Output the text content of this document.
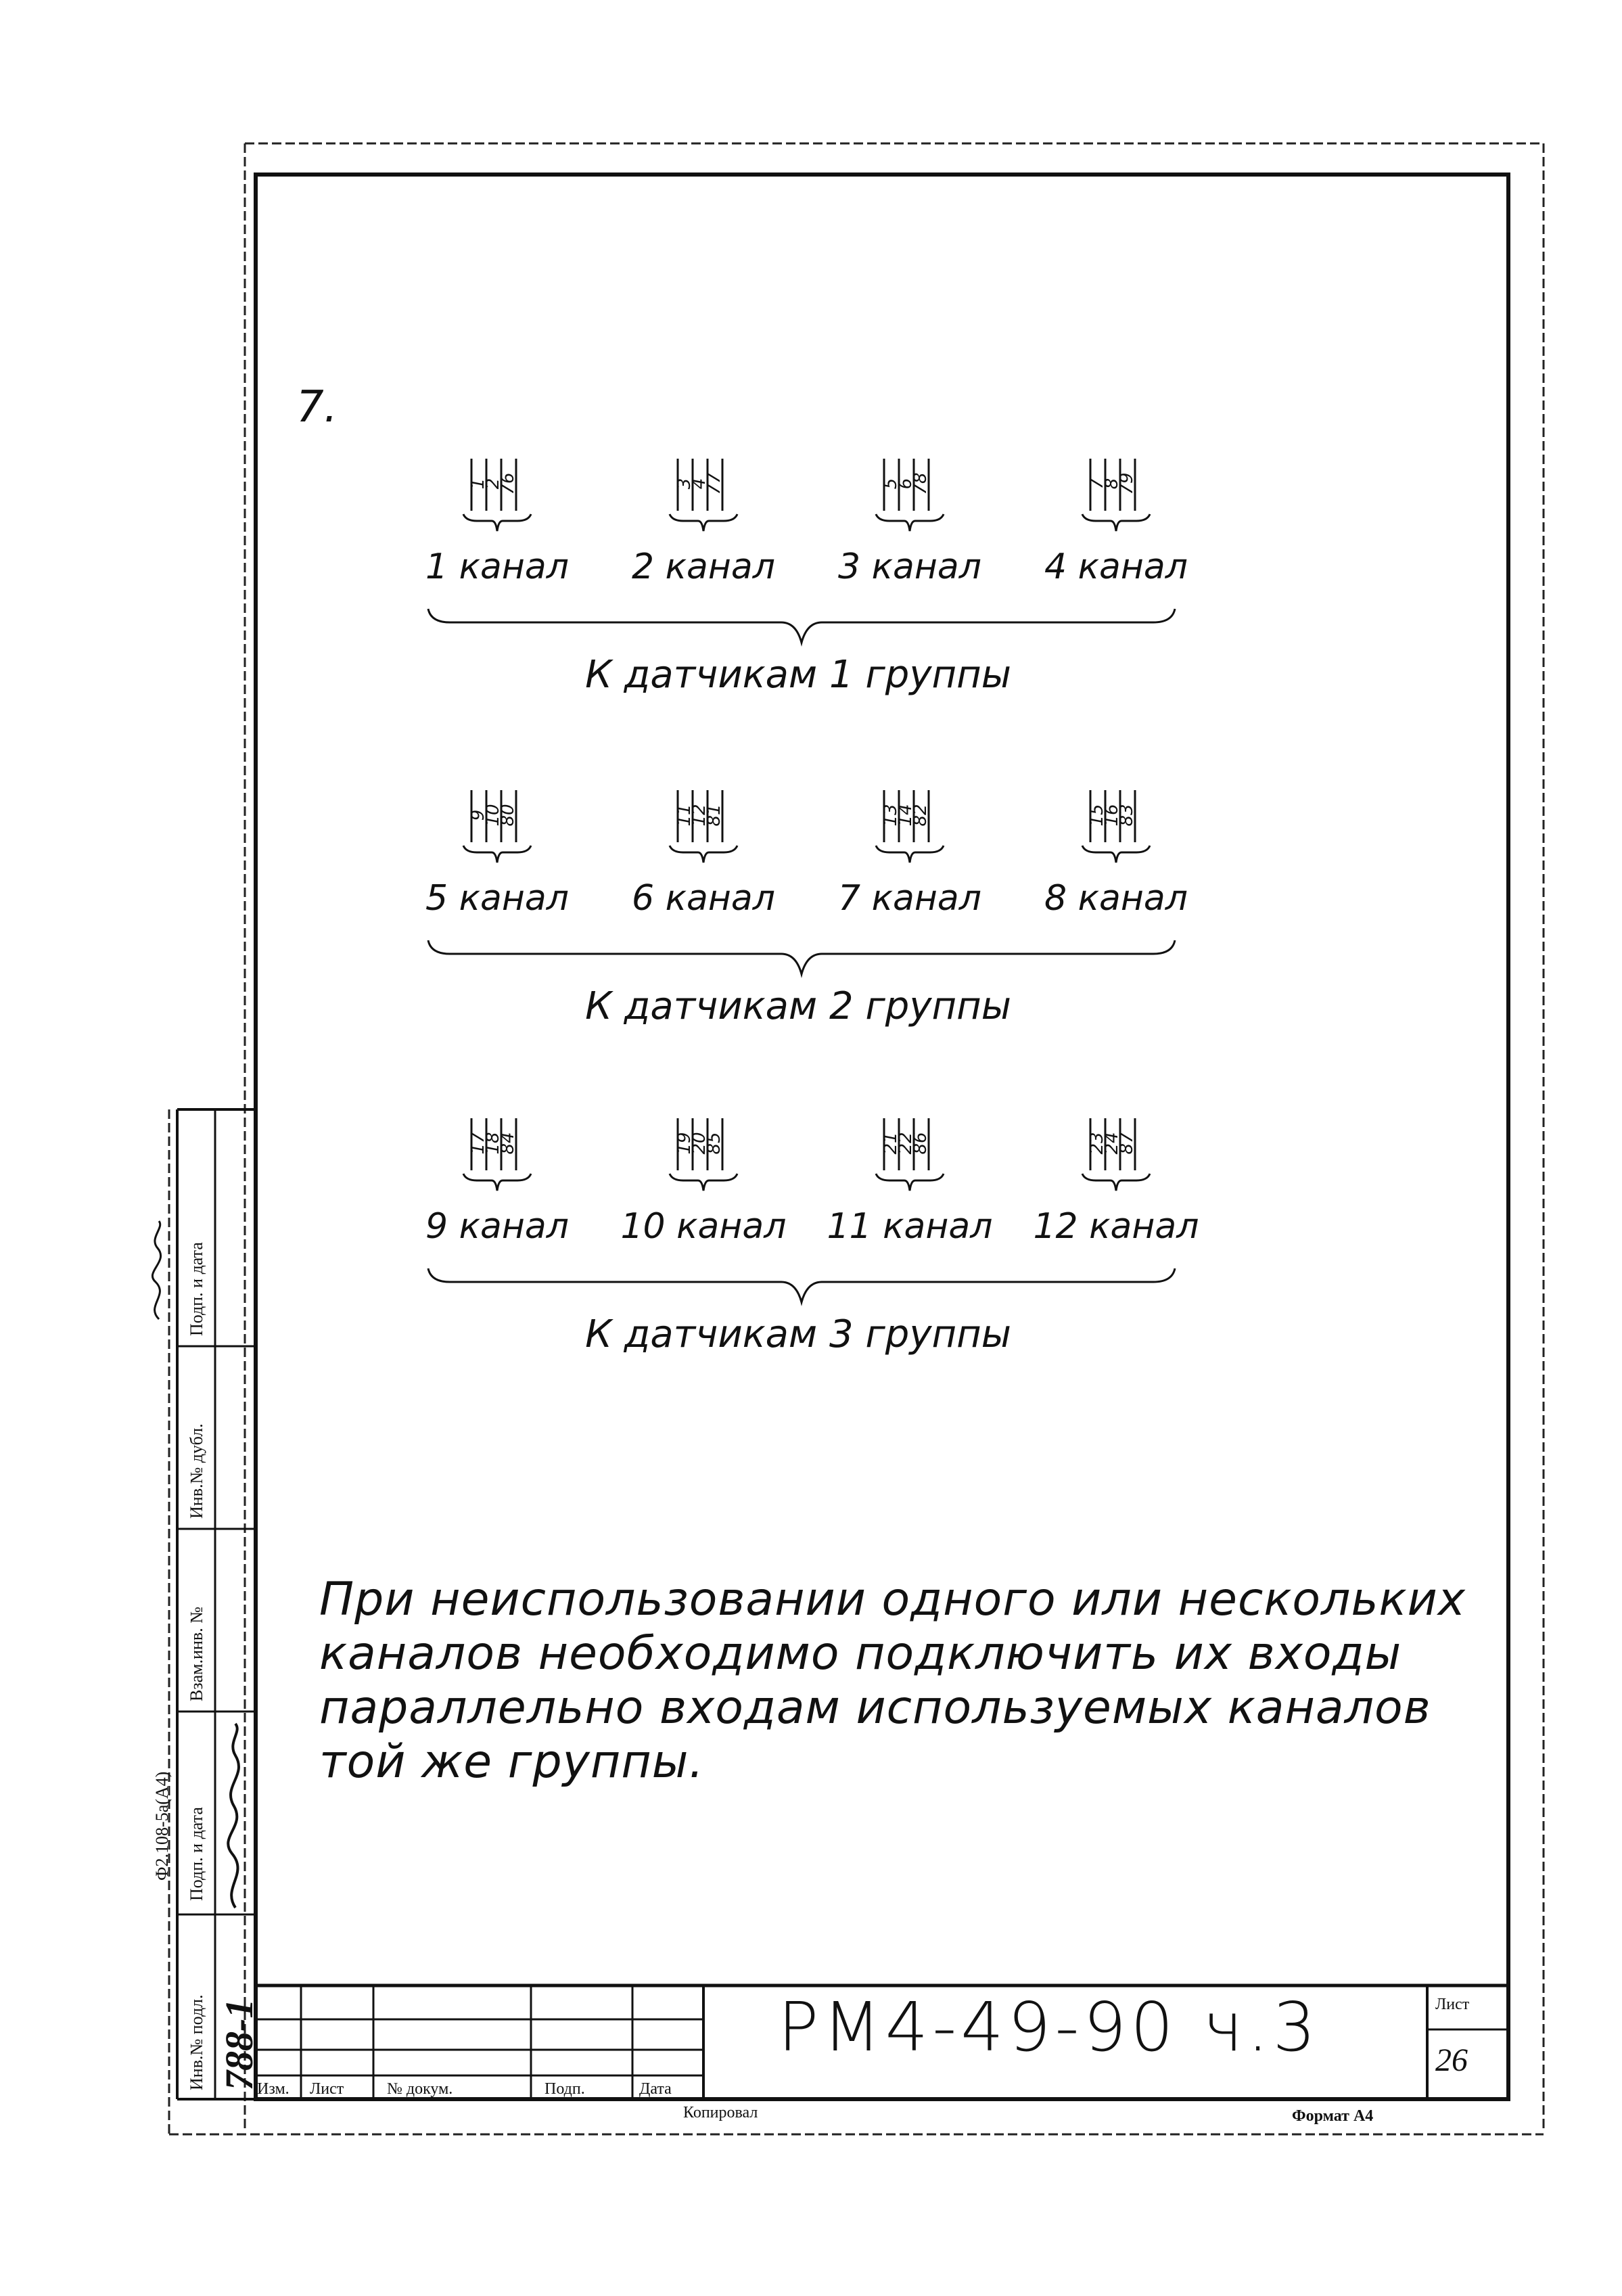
Ф2.108-5а(А4)
Инв.№ подл.
Подп. и дата
Взам.инв. №
Инв.№ дубл.
Подп. и дата
788-1
7.
При неиспользовании одного или нескольких
каналов необходимо подключить их входы
параллельно входам используемых каналов
той же группы.
РМ4-49-90 ч.3	Лист
26
Изм. Лист	№ докум.	Подп.	Дата
Копировал	Формат А4
1
2
76
1 канал
3
4
77
2 канал
5
6
78
3 канал
7
8
79
4 канал
К датчикам 1 группы
9
10
80
5 канал
11
12
81
6 канал
13
14
82
7 канал
15
16
83
8 канал
К датчикам 2 группы
17
18
84
9 канал
19
20
85
10 канал
21
22
86
11 канал
23
24
87
12 канал
К датчикам 3 группы
